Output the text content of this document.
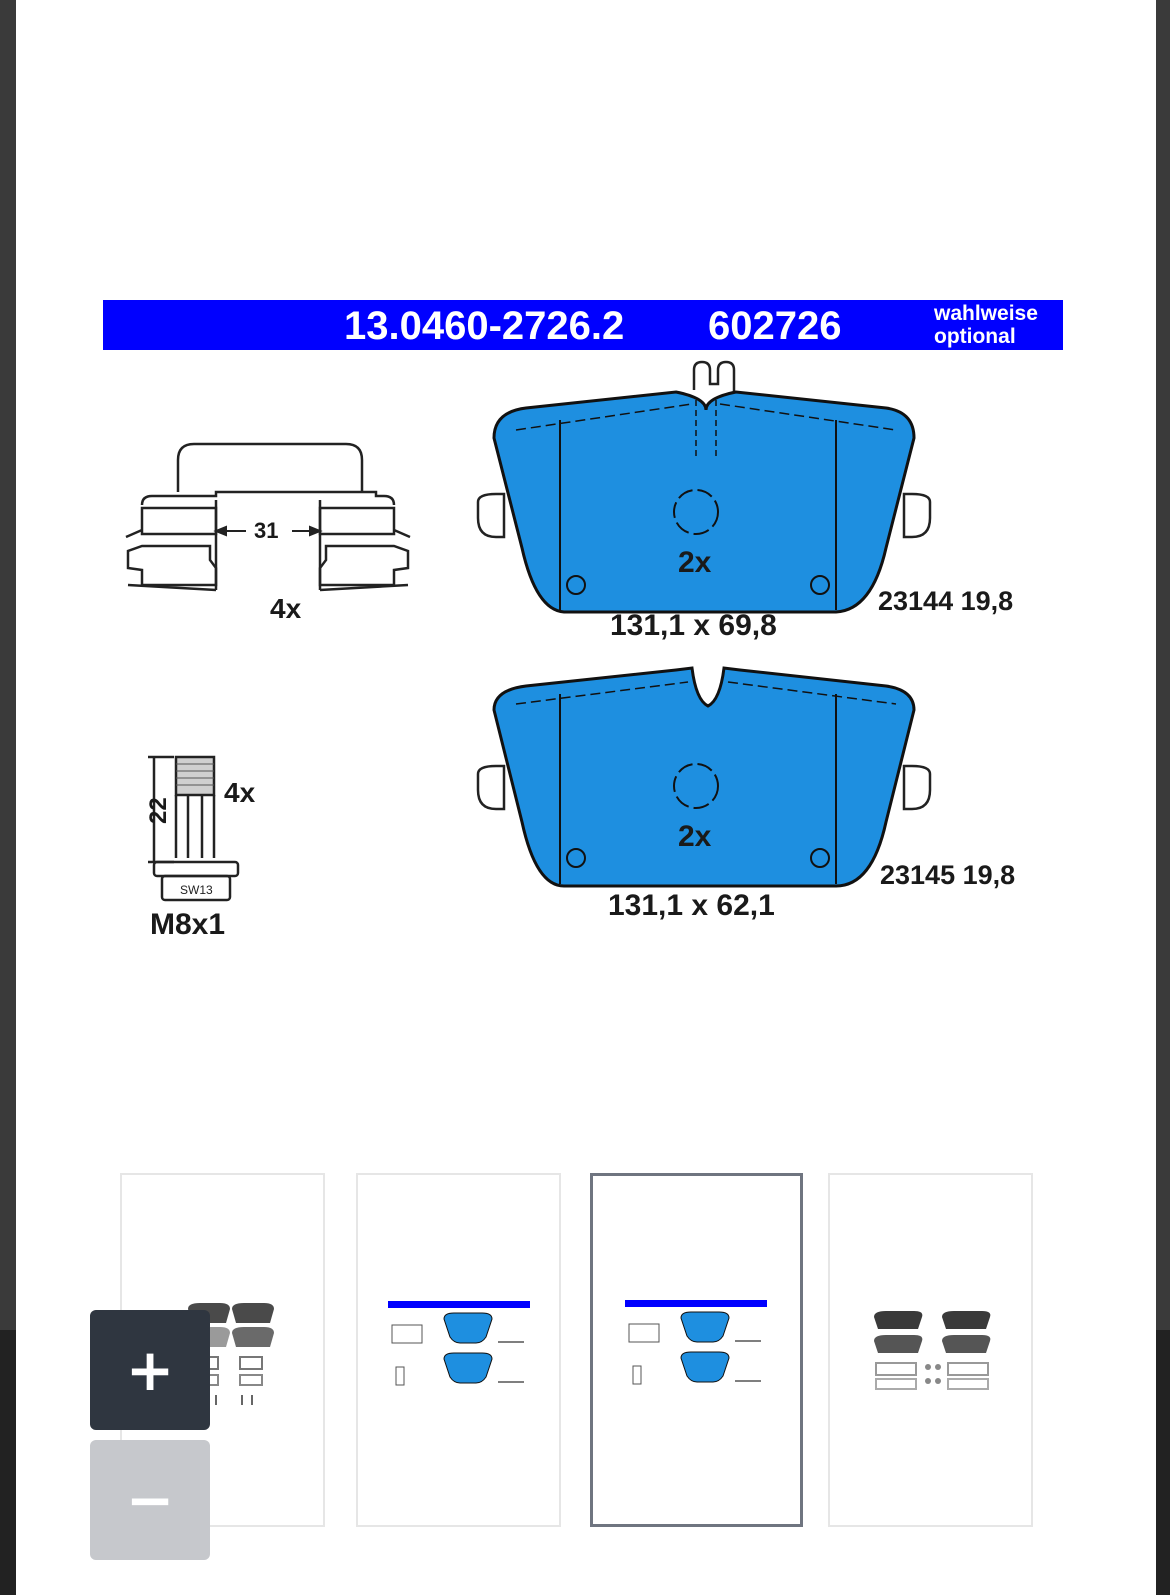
13.0460-2726.2 602726	wahlweise
optional
31
4x
22
4x
SW13
M8x1
2x
131,1 x 69,8
23144 19,8
2x
131,1 x 62,1
23145 19,8
+
−
